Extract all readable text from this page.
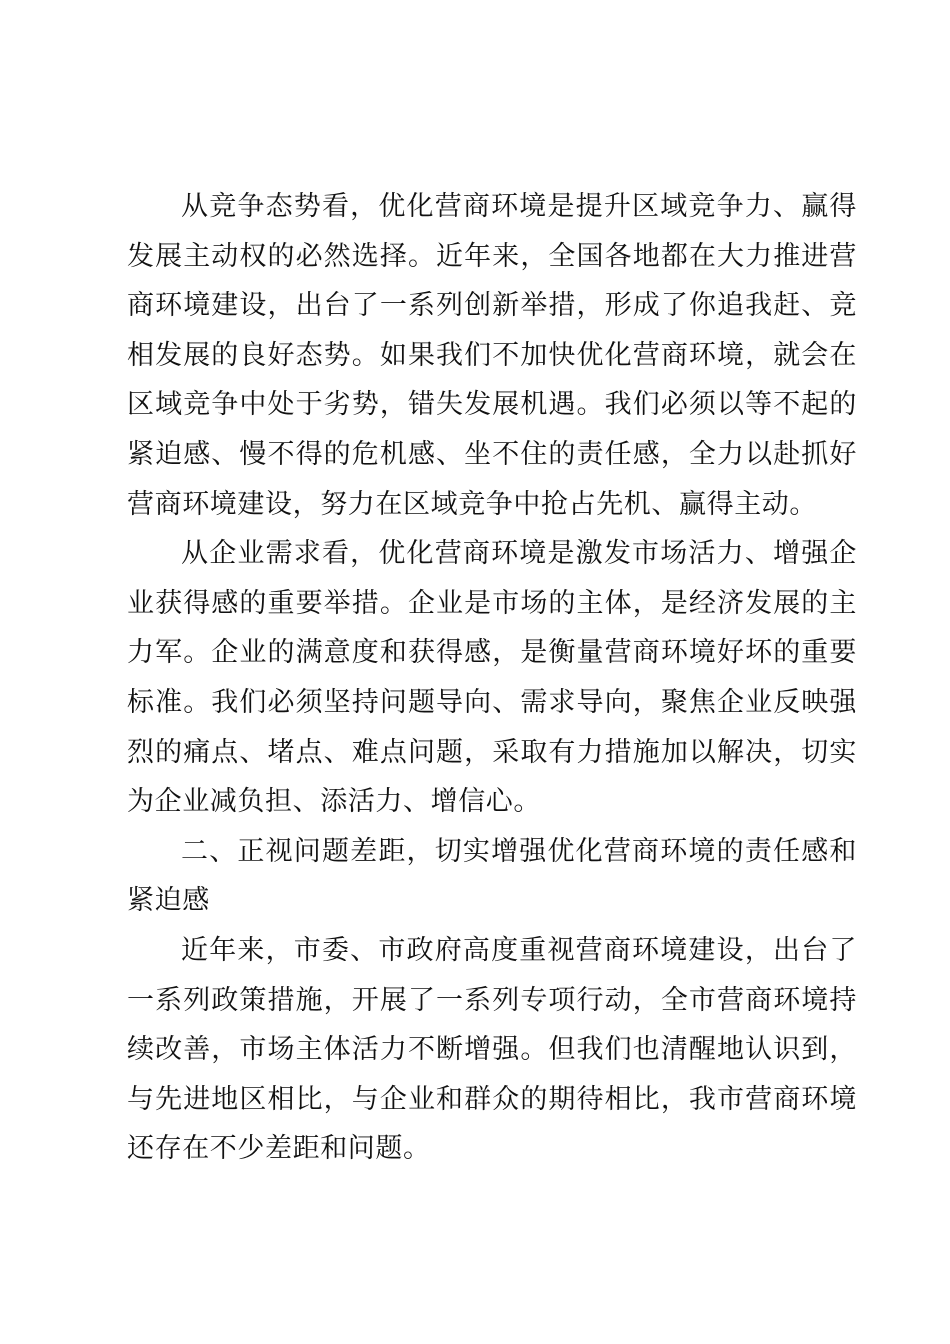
从竞争态势看，优化营商环境是提升区域竞争力、赢得发展主动权的必然选择。近年来，全国各地都在大力推进营商环境建设，出台了一系列创新举措，形成了你追我赶、竞相发展的良好态势。如果我们不加快优化营商环境，就会在区域竞争中处于劣势，错失发展机遇。我们必须以等不起的紧迫感、慢不得的危机感、坐不住的责任感，全力以赴抓好营商环境建设，努力在区域竞争中抢占先机、赢得主动。

从企业需求看，优化营商环境是激发市场活力、增强企业获得感的重要举措。企业是市场的主体，是经济发展的主力军。企业的满意度和获得感，是衡量营商环境好坏的重要标准。我们必须坚持问题导向、需求导向，聚焦企业反映强烈的痛点、堵点、难点问题，采取有力措施加以解决，切实为企业减负担、添活力、增信心。

二、正视问题差距，切实增强优化营商环境的责任感和紧迫感

近年来，市委、市政府高度重视营商环境建设，出台了一系列政策措施，开展了一系列专项行动，全市营商环境持续改善，市场主体活力不断增强。但我们也清醒地认识到，与先进地区相比，与企业和群众的期待相比，我市营商环境还存在不少差距和问题。
